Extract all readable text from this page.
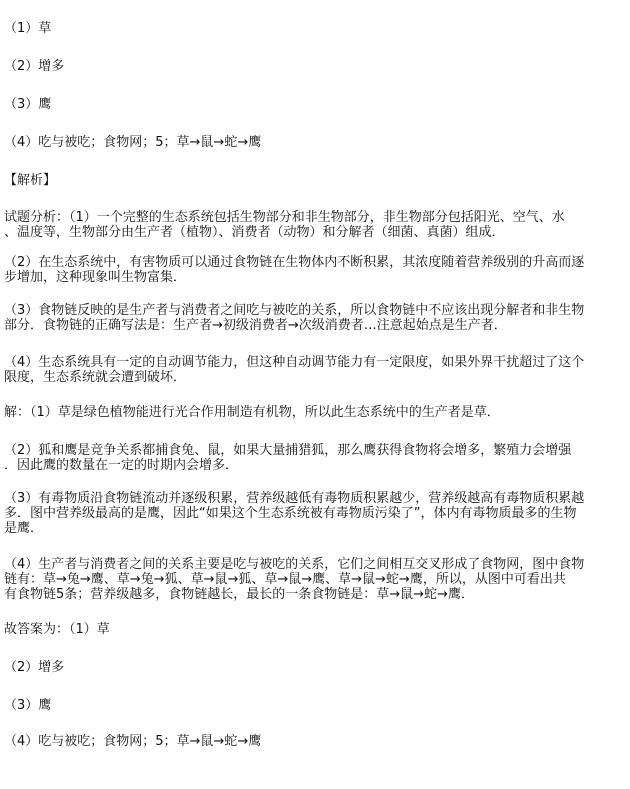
（1）草
（2）增多
（3）鹰
（4）吃与被吃；食物网；5；草→鼠→蛇→鹰
【解析】
试题分析：（1）一个完整的生态系统包括生物部分和非生物部分，非生物部分包括阳光、空气、水
、温度等，生物部分由生产者（植物）、消费者（动物）和分解者（细菌、真菌）组成．
（2）在生态系统中，有害物质可以通过食物链在生物体内不断积累，其浓度随着营养级别的升高而逐
步增加，这种现象叫生物富集．
（3）食物链反映的是生产者与消费者之间吃与被吃的关系，所以食物链中不应该出现分解者和非生物
部分．食物链的正确写法是：生产者→初级消费者→次级消费者…注意起始点是生产者．
（4）生态系统具有一定的自动调节能力，但这种自动调节能力有一定限度，如果外界干扰超过了这个
限度，生态系统就会遭到破坏．
解：（1）草是绿色植物能进行光合作用制造有机物，所以此生态系统中的生产者是草．
（2）狐和鹰是竞争关系都捕食兔、鼠，如果大量捕猎狐，那么鹰获得食物将会增多，繁殖力会增强
．因此鹰的数量在一定的时期内会增多．
（3）有毒物质沿食物链流动并逐级积累，营养级越低有毒物质积累越少，营养级越高有毒物质积累越
多．图中营养级最高的是鹰，因此“如果这个生态系统被有毒物质污染了”，体内有毒物质最多的生物
是鹰．
（4）生产者与消费者之间的关系主要是吃与被吃的关系，它们之间相互交叉形成了食物网，图中食物
链有：草→兔→鹰、草→兔→狐、草→鼠→狐、草→鼠→鹰、草→鼠→蛇→鹰，所以，从图中可看出共
有食物链5条；营养级越多，食物链越长，最长的一条食物链是：草→鼠→蛇→鹰．
故答案为：（1）草
（2）增多
（3）鹰
（4）吃与被吃；食物网；5；草→鼠→蛇→鹰
